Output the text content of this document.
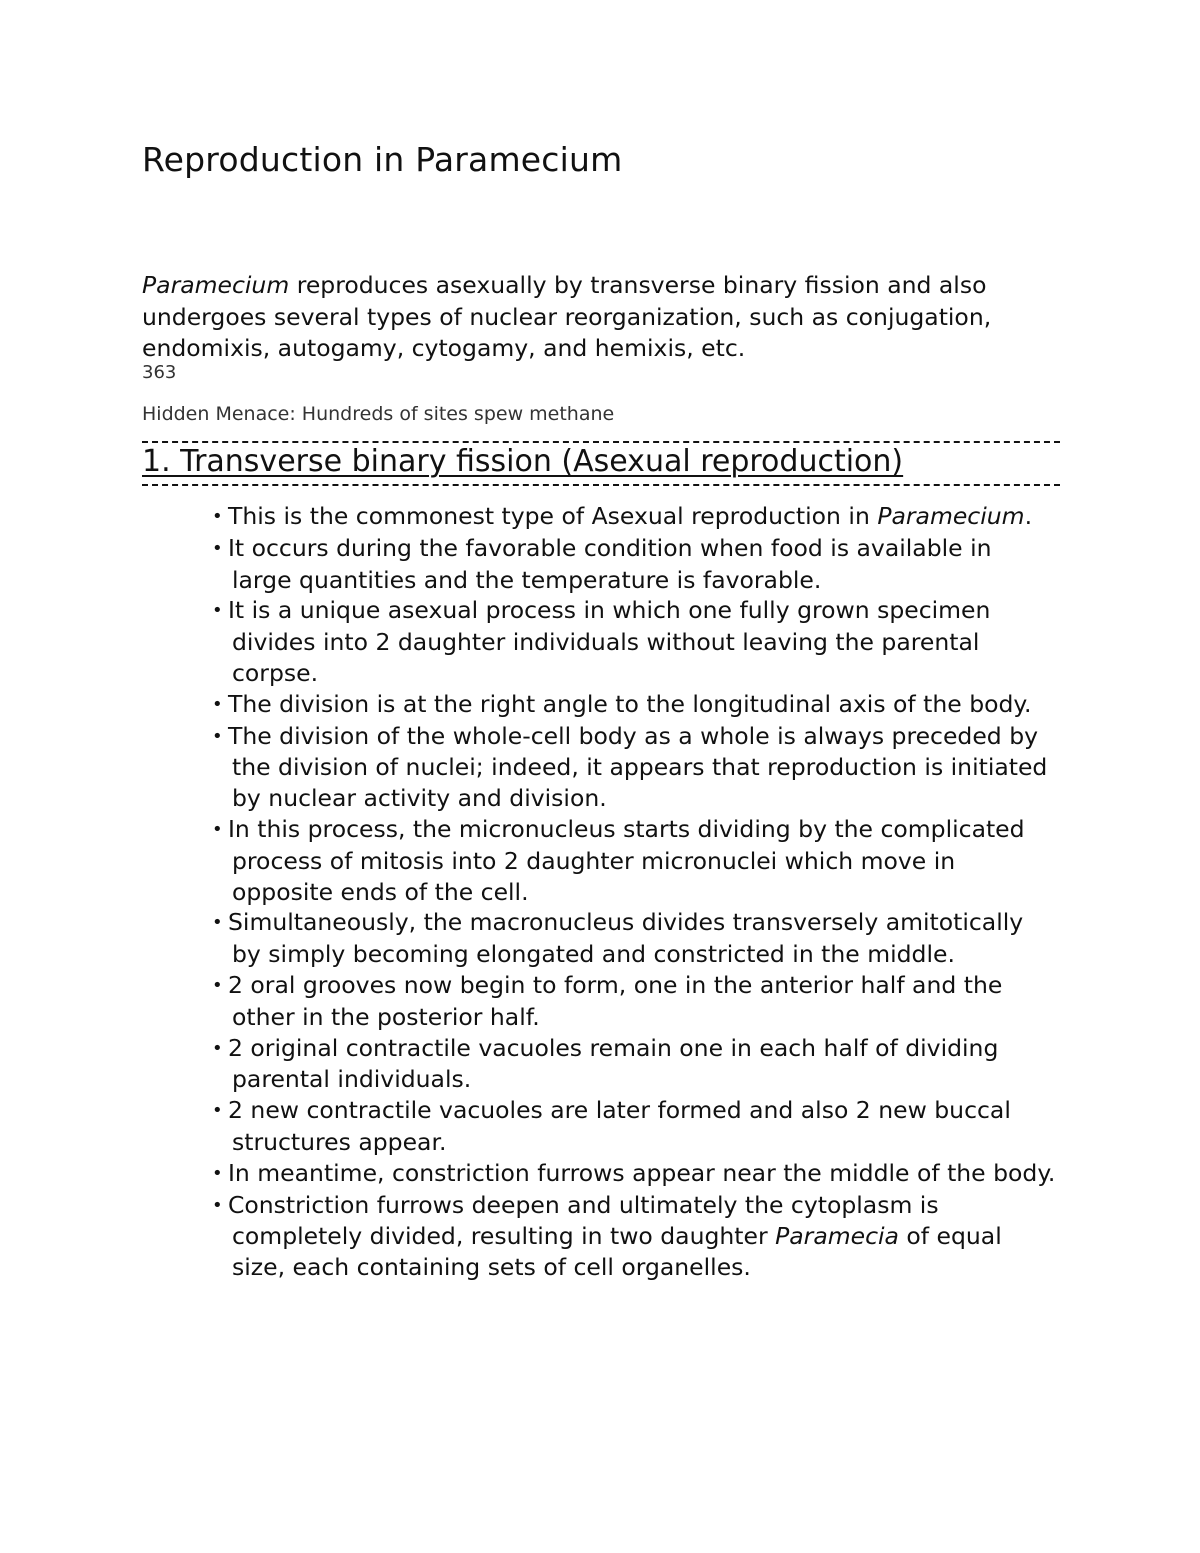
Reproduction in Paramecium

Paramecium reproduces asexually by transverse binary fission and also undergoes several types of nuclear reorganization, such as conjugation, endomixis, autogamy, cytogamy, and hemixis, etc.

363
Hidden Menace: Hundreds of sites spew methane
1. Transverse binary fission (Asexual reproduction)
• This is the commonest type of Asexual reproduction in Paramecium.
• It occurs during the favorable condition when food is available in large quantities and the temperature is favorable.
• It is a unique asexual process in which one fully grown specimen divides into 2 daughter individuals without leaving the parental corpse.
• The division is at the right angle to the longitudinal axis of the body.
• The division of the whole-cell body as a whole is always preceded by the division of nuclei; indeed, it appears that reproduction is initiated by nuclear activity and division.
• In this process, the micronucleus starts dividing by the complicated process of mitosis into 2 daughter micronuclei which move in opposite ends of the cell.
• Simultaneously, the macronucleus divides transversely amitotically by simply becoming elongated and constricted in the middle.
• 2 oral grooves now begin to form, one in the anterior half and the other in the posterior half.
• 2 original contractile vacuoles remain one in each half of dividing parental individuals.
• 2 new contractile vacuoles are later formed and also 2 new buccal structures appear.
• In meantime, constriction furrows appear near the middle of the body.
• Constriction furrows deepen and ultimately the cytoplasm is completely divided, resulting in two daughter Paramecia of equal size, each containing sets of cell organelles.
